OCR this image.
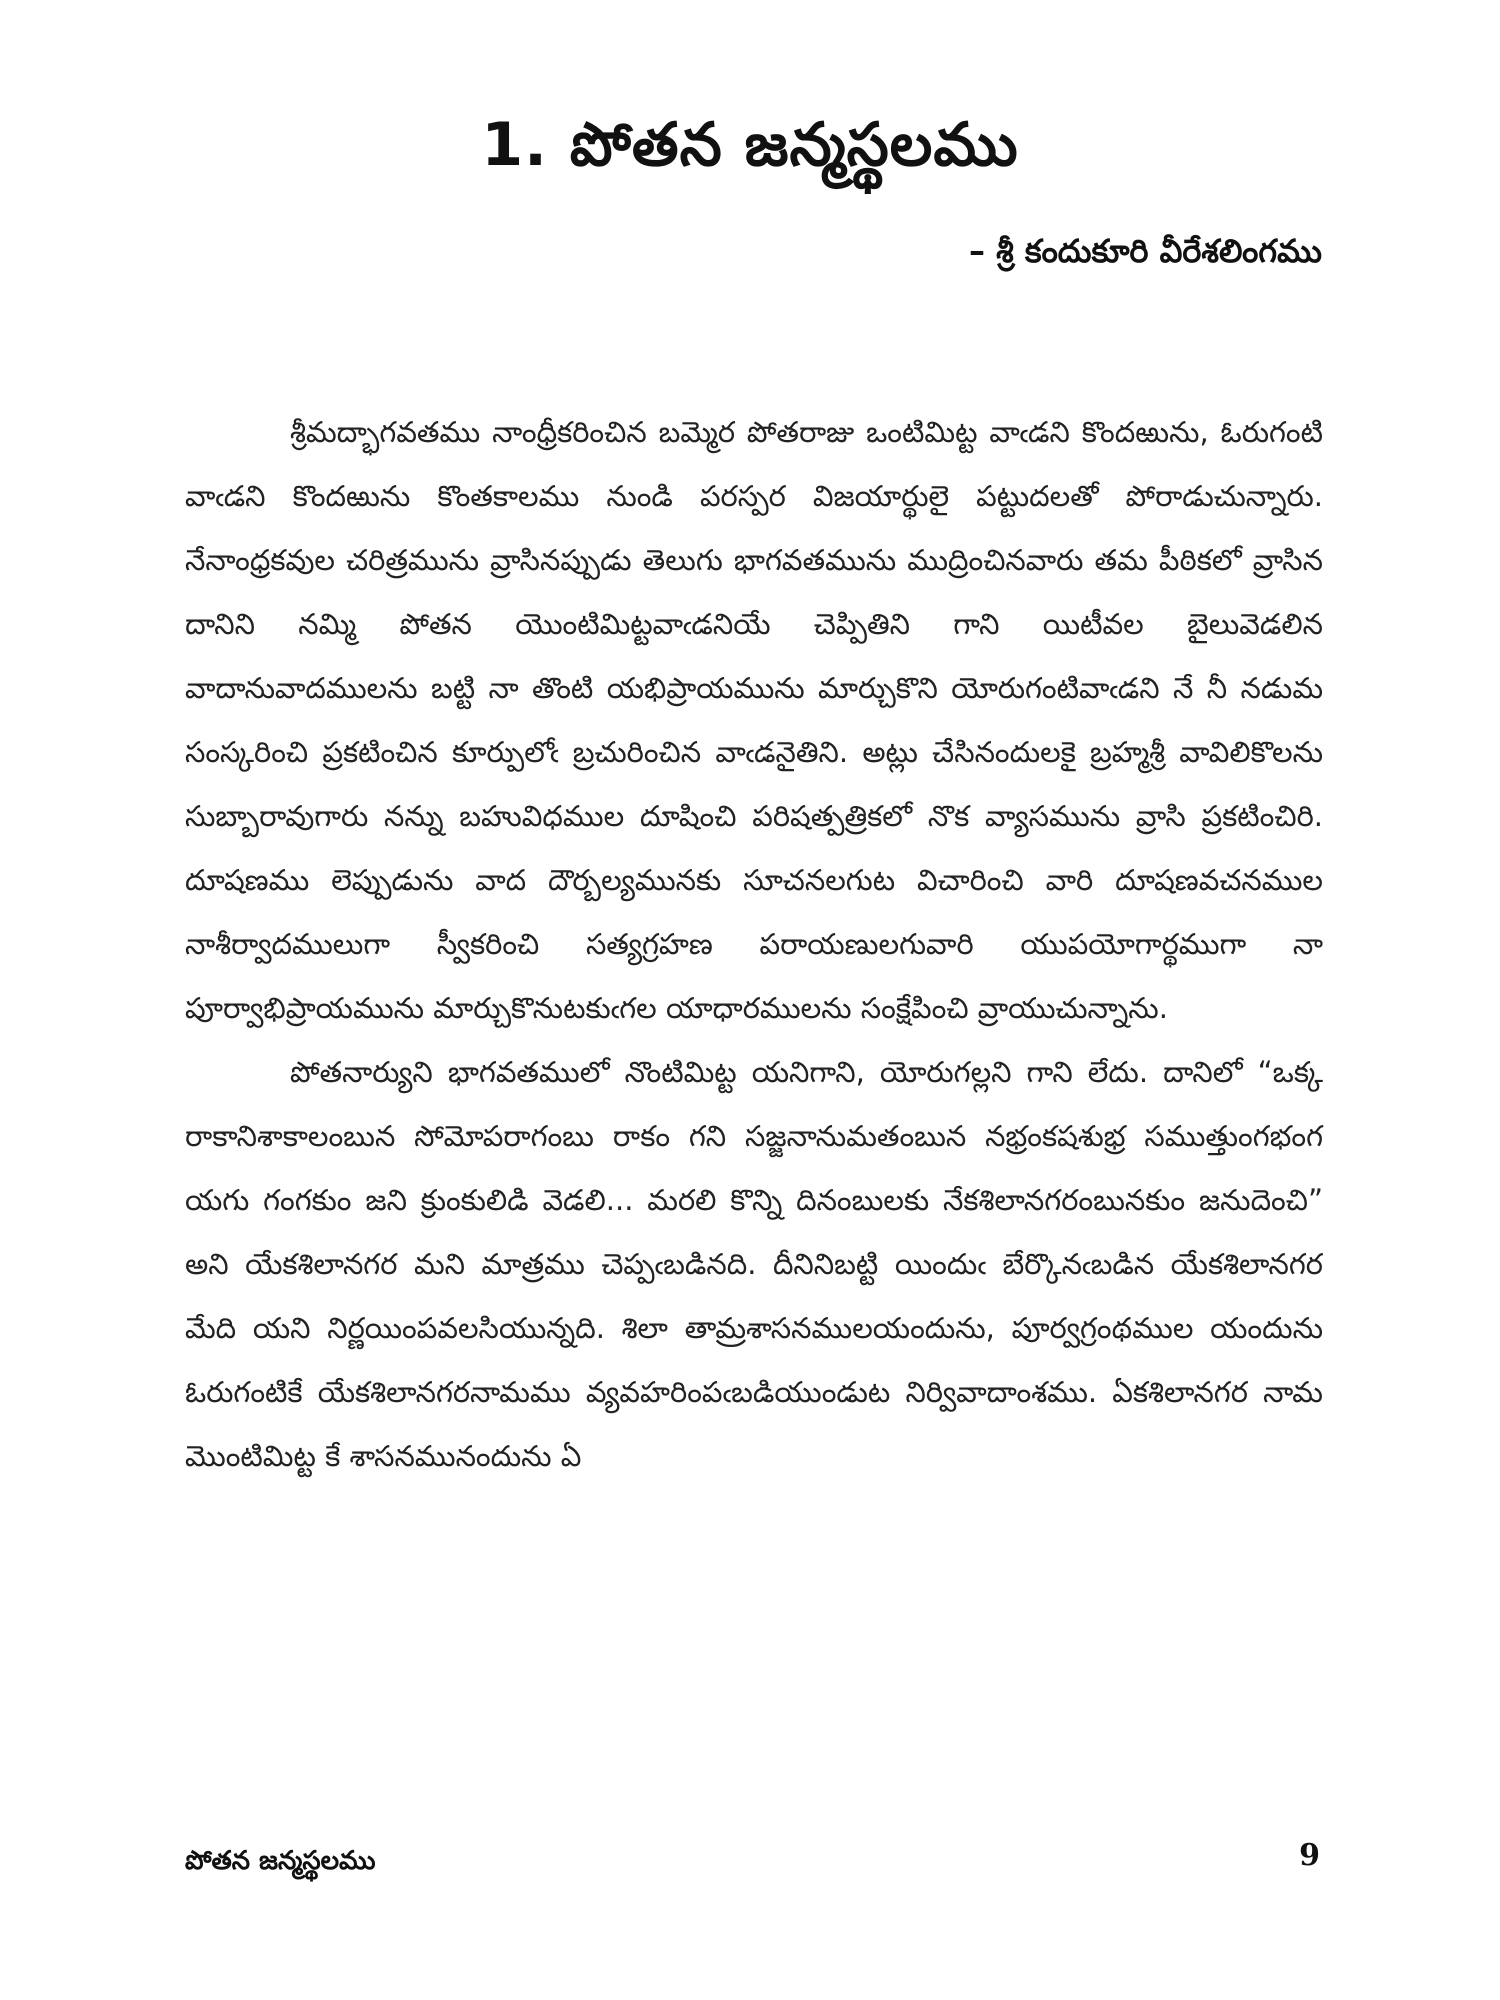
1. పోతన జన్మస్థలము
– శ్రీ కందుకూరి వీరేశలింగము

శ్రీమద్భాగవతము నాంధ్రీకరించిన బమ్మెర పోతరాజు ఒంటిమిట్ట వాఁడని కొందఱును, ఓరుగంటి వాఁడని కొందఱును కొంతకాలము నుండి పరస్పర విజయార్థులై పట్టుదలతో పోరాడుచున్నారు. నేనాంధ్రకవుల చరిత్రమును వ్రాసినప్పుడు తెలుగు భాగవతమును ముద్రించినవారు తమ పీఠికలో వ్రాసిన దానిని నమ్మి పోతన యొంటిమిట్టవాఁడనియే చెప్పితిని గాని యిటీవల బైలువెడలిన వాదానువాదములను బట్టి నా తొంటి యభిప్రాయమును మార్చుకొని యోరుగంటివాఁడని నే నీ నడుమ సంస్కరించి ప్రకటించిన కూర్పులోఁ బ్రచురించిన వాఁడనైతిని. అట్లు చేసినందులకై బ్రహ్మశ్రీ వావిలికొలను సుబ్బారావుగారు నన్ను బహువిధముల దూషించి పరిషత్పత్రికలో నొక వ్యాసమును వ్రాసి ప్రకటించిరి. దూషణము లెప్పుడును వాద దౌర్బల్యమునకు సూచనలగుట విచారించి వారి దూషణవచనముల నాశీర్వాదములుగా స్వీకరించి సత్యగ్రహణ పరాయణులగువారి యుపయోగార్థముగా నా పూర్వాభిప్రాయమును మార్చుకొనుటకుఁగల యాధారములను సంక్షేపించి వ్రాయుచున్నాను.

పోతనార్యుని భాగవతములో నొంటిమిట్ట యనిగాని, యోరుగల్లని గాని లేదు. దానిలో “ఒక్క రాకానిశాకాలంబున సోమోపరాగంబు రాకం గని సజ్జనానుమతంబున నభ్రంకషశుభ్ర సముత్తుంగభంగ యగు గంగకుం జని క్రుంకులిడి వెడలి... మరలి కొన్ని దినంబులకు నేకశిలానగరంబునకుం జనుదెంచి” అని యేకశిలానగర మని మాత్రము చెప్పఁబడినది. దీనినిబట్టి యిందుఁ బేర్కొనఁబడిన యేకశిలానగర మేది యని నిర్ణయింపవలసియున్నది. శిలా తామ్రశాసనములయందును, పూర్వగ్రంథముల యందును ఓరుగంటికే యేకశిలానగరనామము వ్యవహరింపఁబడియుండుట నిర్వివాదాంశము. ఏకశిలానగర నామ మొంటిమిట్ట కే శాసనమునందును ఏ

పోతన జన్మస్థలము	9
